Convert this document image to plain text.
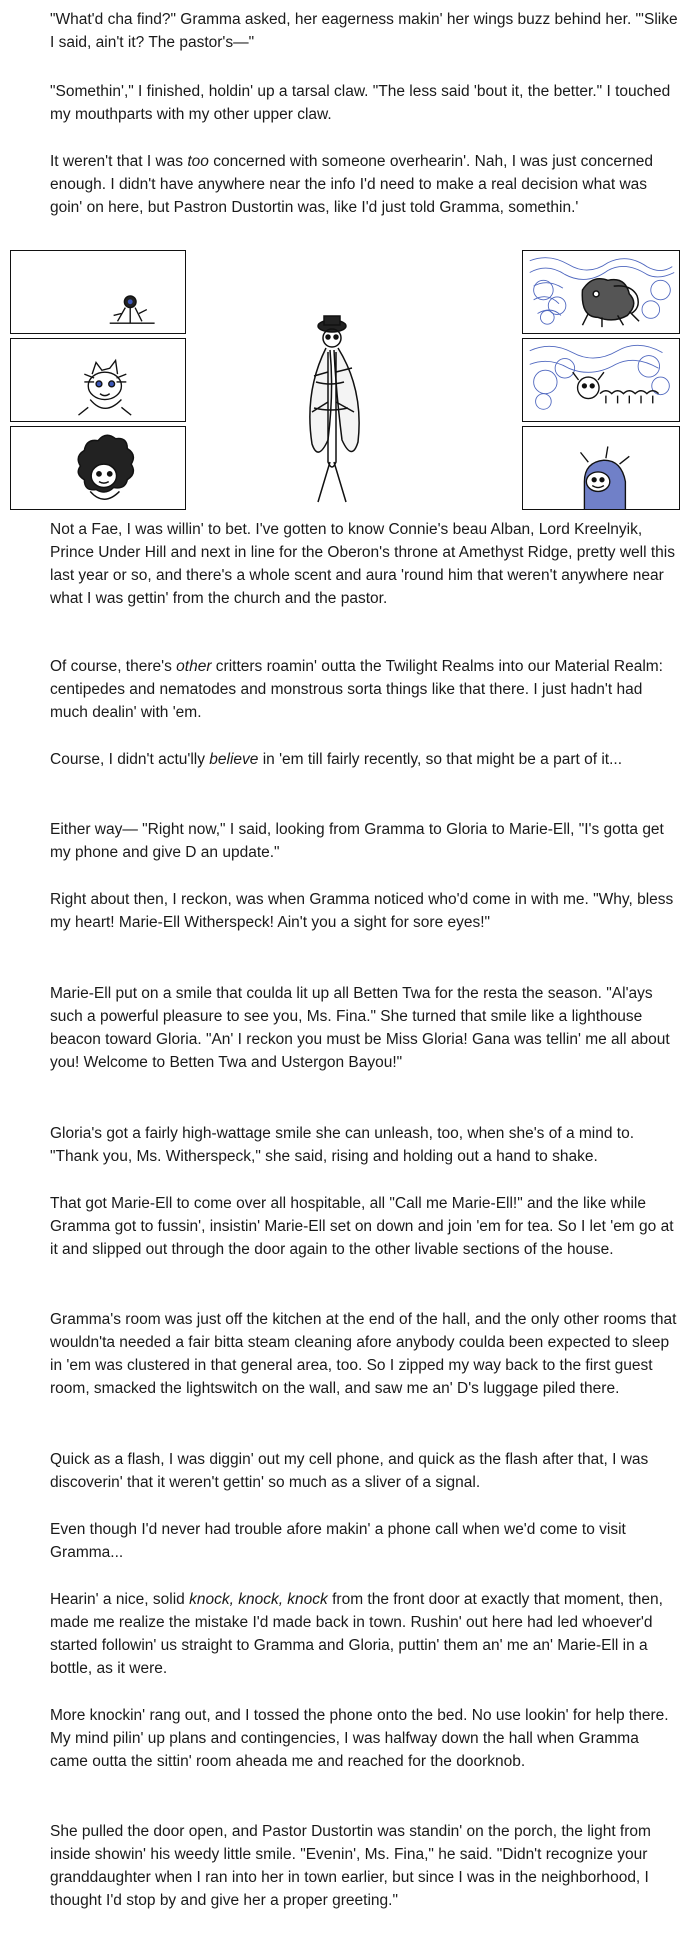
"What'd cha find?" Gramma asked, her eagerness makin' her wings buzz behind her. "'Slike I said, ain't it? The pastor's—"

"Somethin'," I finished, holdin' up a tarsal claw. "The less said 'bout it, the better." I touched my mouthparts with my other upper claw.

It weren't that I was too concerned with someone overhearin'. Nah, I was just concerned enough. I didn't have anywhere near the info I'd need to make a real decision what was goin' on here, but Pastron Dustortin was, like I'd just told Gramma, somethin.'

Not a Fae, I was willin' to bet. I've gotten to know Connie's beau Alban, Lord Kreelnyik, Prince Under Hill and next in line for the Oberon's throne at Amethyst Ridge, pretty well this last year or so, and there's a whole scent and aura 'round him that weren't anywhere near what I was gettin' from the church and the pastor.

Of course, there's other critters roamin' outta the Twilight Realms into our Material Realm: centipedes and nematodes and monstrous sorta things like that there. I just hadn't had much dealin' with 'em.

Course, I didn't actu'lly believe in 'em till fairly recently, so that might be a part of it...

Either way— "Right now," I said, looking from Gramma to Gloria to Marie-Ell, "I's gotta get my phone and give D an update."

Right about then, I reckon, was when Gramma noticed who'd come in with me. "Why, bless my heart! Marie-Ell Witherspeck! Ain't you a sight for sore eyes!"

Marie-Ell put on a smile that coulda lit up all Betten Twa for the resta the season. "Al'ays such a powerful pleasure to see you, Ms. Fina." She turned that smile like a lighthouse beacon toward Gloria. "An' I reckon you must be Miss Gloria! Gana was tellin' me all about you! Welcome to Betten Twa and Ustergon Bayou!"

Gloria's got a fairly high-wattage smile she can unleash, too, when she's of a mind to. "Thank you, Ms. Witherspeck," she said, rising and holding out a hand to shake.

That got Marie-Ell to come over all hospitable, all "Call me Marie-Ell!" and the like while Gramma got to fussin', insistin' Marie-Ell set on down and join 'em for tea. So I let 'em go at it and slipped out through the door again to the other livable sections of the house.

Gramma's room was just off the kitchen at the end of the hall, and the only other rooms that wouldn'ta needed a fair bitta steam cleaning afore anybody coulda been expected to sleep in 'em was clustered in that general area, too. So I zipped my way back to the first guest room, smacked the lightswitch on the wall, and saw me an' D's luggage piled there.

Quick as a flash, I was diggin' out my cell phone, and quick as the flash after that, I was discoverin' that it weren't gettin' so much as a sliver of a signal.

Even though I'd never had trouble afore makin' a phone call when we'd come to visit Gramma...

Hearin' a nice, solid knock, knock, knock from the front door at exactly that moment, then, made me realize the mistake I'd made back in town. Rushin' out here had led whoever'd started followin' us straight to Gramma and Gloria, puttin' them an' me an' Marie-Ell in a bottle, as it were.

More knockin' rang out, and I tossed the phone onto the bed. No use lookin' for help there. My mind pilin' up plans and contingencies, I was halfway down the hall when Gramma came outta the sittin' room aheada me and reached for the doorknob.

She pulled the door open, and Pastor Dustortin was standin' on the porch, the light from inside showin' his weedy little smile. "Evenin', Ms. Fina," he said. "Didn't recognize your granddaughter when I ran into her in town earlier, but since I was in the neighborhood, I thought I'd stop by and give her a proper greeting."
